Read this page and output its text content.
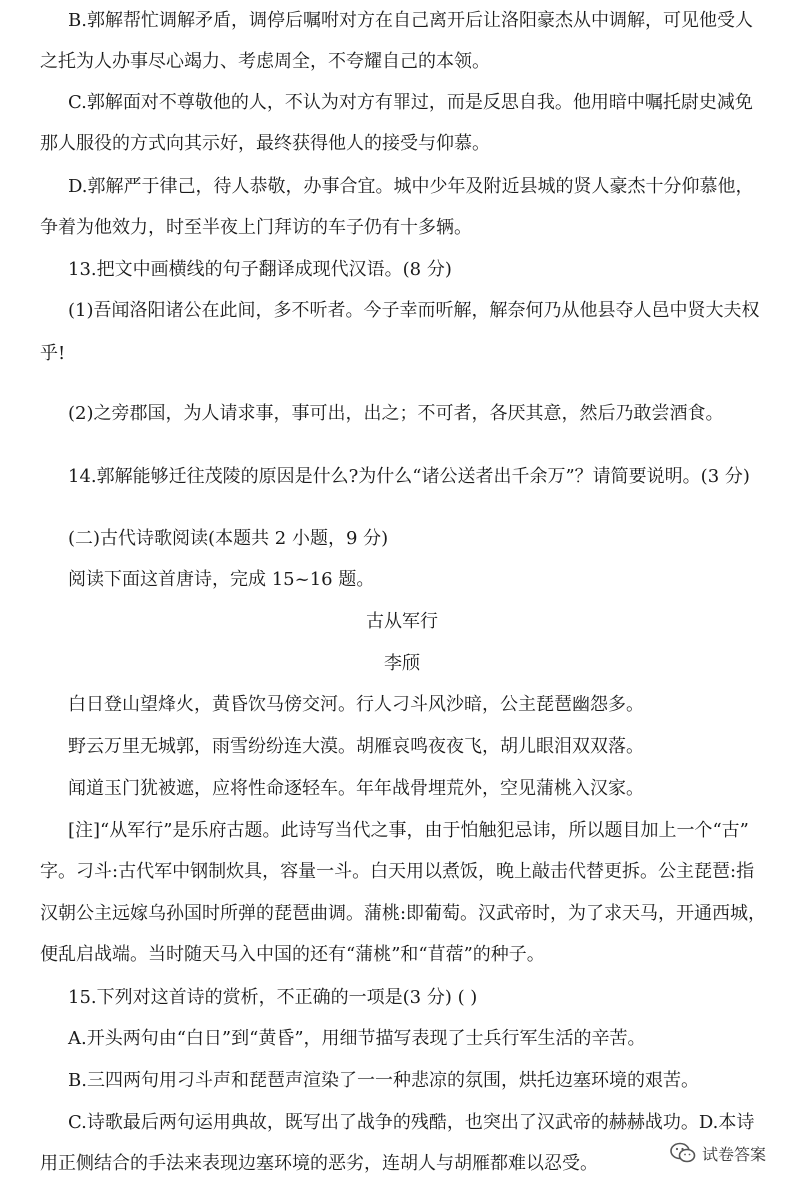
B.郭解帮忙调解矛盾，调停后嘱咐对方在自己离开后让洛阳豪杰从中调解，可见他受人
之托为人办事尽心竭力、考虑周全，不夸耀自己的本领。
C.郭解面对不尊敬他的人，不认为对方有罪过，而是反思自我。他用暗中嘱托尉史减免
那人服役的方式向其示好，最终获得他人的接受与仰慕。
D.郭解严于律己，待人恭敬，办事合宜。城中少年及附近县城的贤人豪杰十分仰慕他，
争着为他效力，时至半夜上门拜访的车子仍有十多辆。
13.把文中画横线的句子翻译成现代汉语。(8 分)
(1)吾闻洛阳诸公在此间，多不听者。今子幸而听解，解奈何乃从他县夺人邑中贤大夫权
乎!
(2)之旁郡国，为人请求事，事可出，出之；不可者，各厌其意，然后乃敢尝酒食。
14.郭解能够迁往茂陵的原因是什么?为什么“诸公送者出千余万”？请简要说明。(3 分)
(二)古代诗歌阅读(本题共 2 小题，9 分)
阅读下面这首唐诗，完成 15~16 题。
古从军行
李颀
白日登山望烽火，黄昏饮马傍交河。行人刁斗风沙暗，公主琵琶幽怨多。
野云万里无城郭，雨雪纷纷连大漠。胡雁哀鸣夜夜飞，胡儿眼泪双双落。
闻道玉门犹被遮，应将性命逐轻车。年年战骨埋荒外，空见蒲桃入汉家。
[注]“从军行”是乐府古题。此诗写当代之事，由于怕触犯忌讳，所以题目加上一个“古”
字。刁斗:古代军中钢制炊具，容量一斗。白天用以煮饭，晚上敲击代替更拆。公主琵琶:指
汉朝公主远嫁乌孙国时所弹的琵琶曲调。蒲桃:即葡萄。汉武帝时，为了求天马，开通西城，
便乱启战端。当时随天马入中国的还有“蒲桃”和“苜蓿”的种子。
15.下列对这首诗的赏析，不正确的一项是(3 分) ( )
A.开头两句由“白日”到“黄昏”，用细节描写表现了士兵行军生活的辛苦。
B.三四两句用刁斗声和琵琶声渲染了一一种悲凉的氛围，烘托边塞环境的艰苦。
C.诗歌最后两句运用典故，既写出了战争的残酷，也突出了汉武帝的赫赫战功。D.本诗
用正侧结合的手法来表现边塞环境的恶劣，连胡人与胡雁都难以忍受。	试卷答案
